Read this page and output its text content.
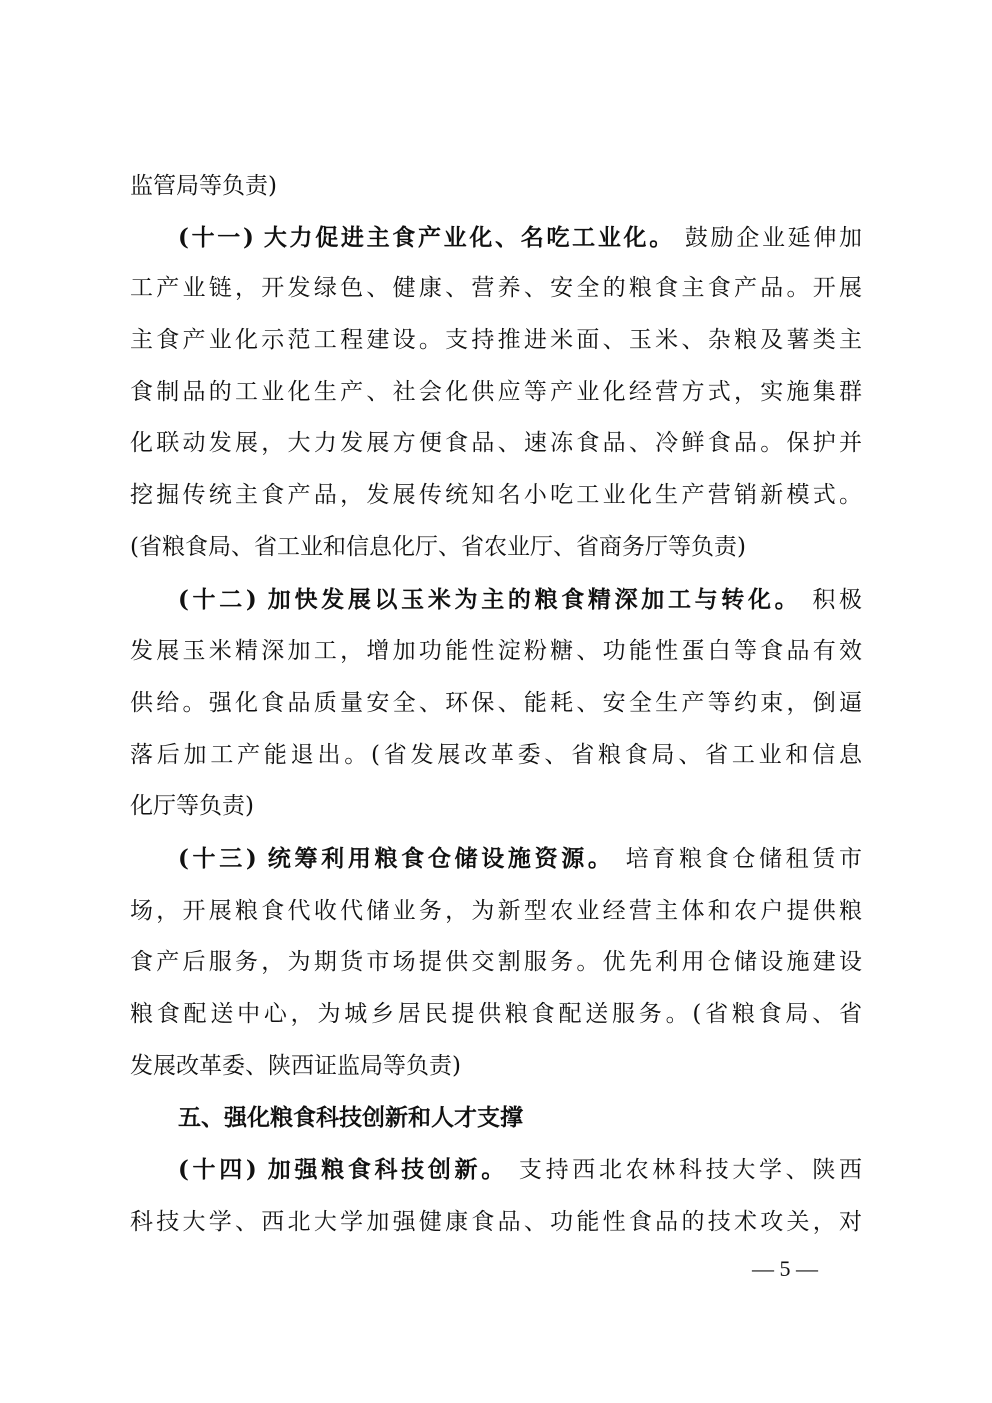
监管局等负责)
(十一) 大力促进主食产业化、名吃工业化。 鼓励企业延伸加
工产业链，开发绿色、健康、营养、安全的粮食主食产品。开展
主食产业化示范工程建设。支持推进米面、玉米、杂粮及薯类主
食制品的工业化生产、社会化供应等产业化经营方式，实施集群
化联动发展，大力发展方便食品、速冻食品、冷鲜食品。保护并
挖掘传统主食产品，发展传统知名小吃工业化生产营销新模式。
(省粮食局、省工业和信息化厅、省农业厅、省商务厅等负责)
(十二) 加快发展以玉米为主的粮食精深加工与转化。 积极
发展玉米精深加工，增加功能性淀粉糖、功能性蛋白等食品有效
供给。强化食品质量安全、环保、能耗、安全生产等约束，倒逼
落后加工产能退出。(省发展改革委、省粮食局、省工业和信息
化厅等负责)
(十三) 统筹利用粮食仓储设施资源。 培育粮食仓储租赁市
场，开展粮食代收代储业务，为新型农业经营主体和农户提供粮
食产后服务，为期货市场提供交割服务。优先利用仓储设施建设
粮食配送中心，为城乡居民提供粮食配送服务。(省粮食局、省
发展改革委、陕西证监局等负责)
五、强化粮食科技创新和人才支撑
(十四) 加强粮食科技创新。 支持西北农林科技大学、陕西
科技大学、西北大学加强健康食品、功能性食品的技术攻关，对
— 5 —
